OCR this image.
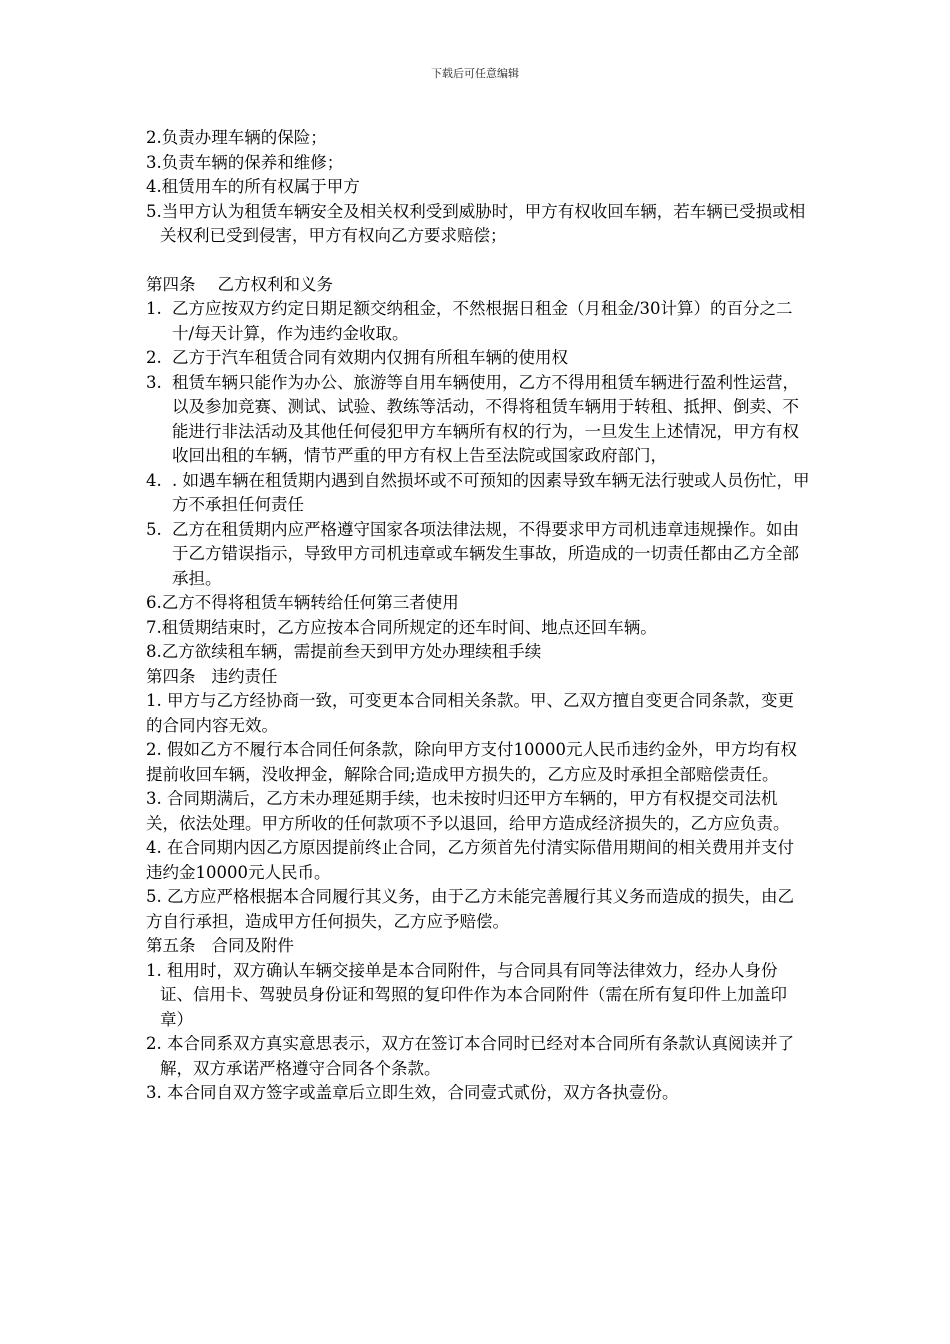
下载后可任意编辑

2.负责办理车辆的保险；

3.负责车辆的保养和维修；

4.租赁用车的所有权属于甲方

5.当甲方认为租赁车辆安全及相关权利受到威胁时，甲方有权收回车辆，若车辆已受损或相关权利已受到侵害，甲方有权向乙方要求赔偿；

第四条 乙方权利和义务

1. 乙方应按双方约定日期足额交纳租金，不然根据日租金（月租金/30计算）的百分之二十/每天计算，作为违约金收取。

2. 乙方于汽车租赁合同有效期内仅拥有所租车辆的使用权

3. 租赁车辆只能作为办公、旅游等自用车辆使用，乙方不得用租赁车辆进行盈利性运营，以及参加竞赛、测试、试验、教练等活动，不得将租赁车辆用于转租、抵押、倒卖、不能进行非法活动及其他任何侵犯甲方车辆所有权的行为，一旦发生上述情况，甲方有权收回出租的车辆，情节严重的甲方有权上告至法院或国家政府部门，

4. . 如遇车辆在租赁期内遇到自然损坏或不可预知的因素导致车辆无法行驶或人员伤忙，甲方不承担任何责任

5. 乙方在租赁期内应严格遵守国家各项法律法规，不得要求甲方司机违章违规操作。如由于乙方错误指示，导致甲方司机违章或车辆发生事故，所造成的一切责任都由乙方全部承担。

6.乙方不得将租赁车辆转给任何第三者使用

7.租赁期结束时，乙方应按本合同所规定的还车时间、地点还回车辆。

8.乙方欲续租车辆，需提前叁天到甲方处办理续租手续

第四条 违约责任

1. 甲方与乙方经协商一致，可变更本合同相关条款。甲、乙双方擅自变更合同条款，变更的合同内容无效。

2. 假如乙方不履行本合同任何条款，除向甲方支付10000元人民币违约金外，甲方均有权提前收回车辆，没收押金，解除合同;造成甲方损失的，乙方应及时承担全部赔偿责任。

3. 合同期满后，乙方未办理延期手续，也未按时归还甲方车辆的，甲方有权提交司法机关，依法处理。甲方所收的任何款项不予以退回，给甲方造成经济损失的，乙方应负责。

4. 在合同期内因乙方原因提前终止合同，乙方须首先付清实际借用期间的相关费用并支付违约金10000元人民币。

5. 乙方应严格根据本合同履行其义务，由于乙方未能完善履行其义务而造成的损失，由乙方自行承担，造成甲方任何损失，乙方应予赔偿。

第五条 合同及附件

1. 租用时，双方确认车辆交接单是本合同附件，与合同具有同等法律效力，经办人身份证、信用卡、驾驶员身份证和驾照的复印件作为本合同附件（需在所有复印件上加盖印章）

2. 本合同系双方真实意思表示，双方在签订本合同时已经对本合同所有条款认真阅读并了解，双方承诺严格遵守合同各个条款。

3. 本合同自双方签字或盖章后立即生效，合同壹式贰份，双方各执壹份。
